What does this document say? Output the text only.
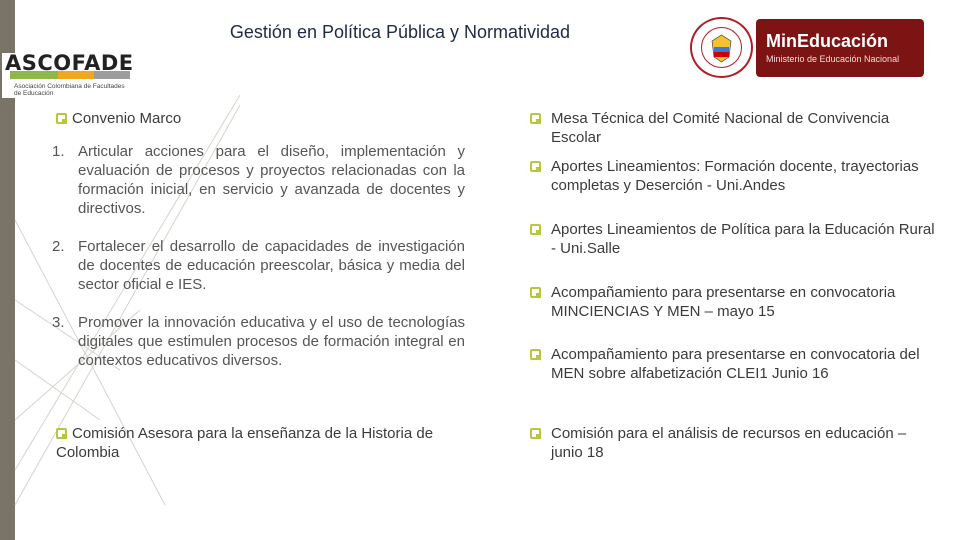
Gestión en Política Pública y Normatividad
ASCOFADE
Asociación Colombiana de Facultades de Educación
MinEducación
Ministerio de Educación Nacional
Convenio Marco
1. Articular acciones para el diseño, implementación y evaluación de procesos y proyectos relacionadas con la formación inicial, en servicio y avanzada de docentes y directivos.
2. Fortalecer el desarrollo de capacidades de investigación de docentes de educación preescolar, básica y media del sector oficial e IES.
3. Promover la innovación educativa y el uso de tecnologías digitales que estimulen procesos de formación integral en contextos educativos diversos.
Comisión Asesora para la enseñanza de la Historia de Colombia
Mesa Técnica del Comité Nacional de Convivencia Escolar
Aportes Lineamientos: Formación docente, trayectorias completas y Deserción - Uni.Andes
Aportes Lineamientos de Política para la Educación Rural - Uni.Salle
Acompañamiento para presentarse en convocatoria MINCIENCIAS Y MEN – mayo 15
Acompañamiento para presentarse en convocatoria del MEN sobre alfabetización CLEI1 Junio 16
Comisión para el análisis de recursos en educación – junio 18
